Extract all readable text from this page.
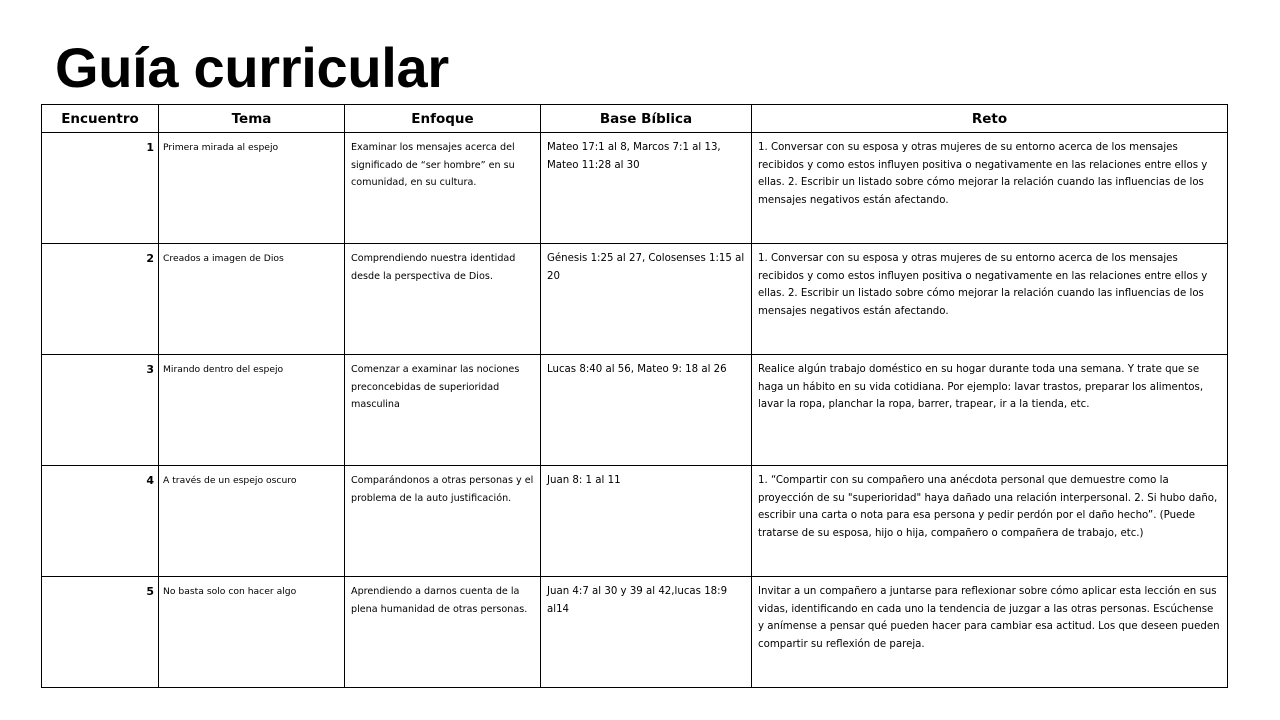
Guía curricular
Encuentro	Tema	Enfoque	Base Bíblica	Reto
1	Primera mirada al espejo	Examinar los mensajes acerca del significado de “ser hombre” en su comunidad, en su cultura.	Mateo 17:1 al 8, Marcos 7:1 al 13, Mateo 11:28 al 30	1. Conversar con su esposa y otras mujeres de su entorno acerca de los mensajes recibidos y como estos influyen positiva o negativamente en las relaciones entre ellos y ellas. 2. Escribir un listado sobre cómo mejorar la relación cuando las influencias de los mensajes negativos están afectando.
2	Creados a imagen de Dios	Comprendiendo nuestra identidad desde la perspectiva de Dios.	Génesis 1:25 al 27, Colosenses 1:15 al 20	1. Conversar con su esposa y otras mujeres de su entorno acerca de los mensajes recibidos y como estos influyen positiva o negativamente en las relaciones entre ellos y ellas. 2. Escribir un listado sobre cómo mejorar la relación cuando las influencias de los mensajes negativos están afectando.
3	Mirando dentro del espejo	Comenzar a examinar las nociones preconcebidas de superioridad masculina	Lucas 8:40 al 56, Mateo 9: 18 al 26	Realice algún trabajo doméstico en su hogar durante toda una semana. Y trate que se haga un hábito en su vida cotidiana. Por ejemplo: lavar trastos, preparar los alimentos, lavar la ropa, planchar la ropa, barrer, trapear, ir a la tienda, etc.
4	A través de un espejo oscuro	Comparándonos a otras personas y el problema de la auto justificación.	Juan 8: 1 al 11	1. “Compartir con su compañero una anécdota personal que demuestre como la proyección de su "superioridad" haya dañado una relación interpersonal. 2. Si hubo daño, escribir una carta o nota para esa persona y pedir perdón por el daño hecho”. (Puede tratarse de su esposa, hijo o hija, compañero o compañera de trabajo, etc.)
5	No basta solo con hacer algo	Aprendiendo a darnos cuenta de la plena humanidad de otras personas.	Juan 4:7 al 30 y 39 al 42,lucas 18:9 al14	Invitar a un compañero a juntarse para reflexionar sobre cómo aplicar esta lección en sus vidas, identificando en cada uno la tendencia de juzgar a las otras personas. Escúchense y anímense a pensar qué pueden hacer para cambiar esa actitud. Los que deseen pueden compartir su reflexión de pareja.
